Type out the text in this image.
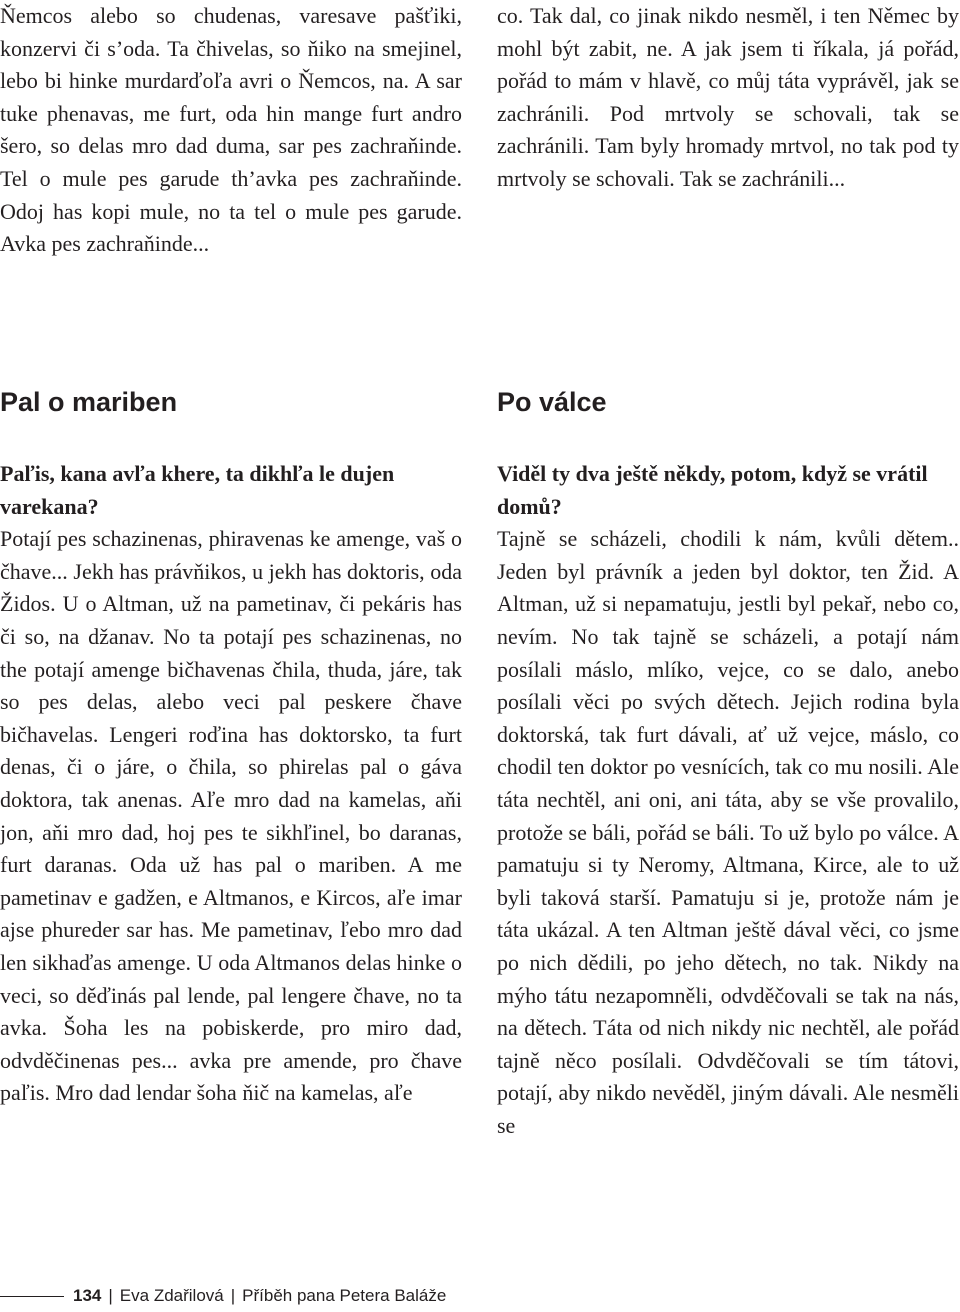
Ňemcos alebo so chudenas, varesave pašťiki, konzervi či s’oda. Ta čhivelas, so ňiko na smejinel, lebo bi hinke murdarďoľa avri o Ňemcos, na. A sar tuke phenavas, me furt, oda hin mange furt andro šero, so delas mro dad duma, sar pes zachraňinde. Tel o mule pes garude th’avka pes zachraňinde. Odoj has kopi mule, no ta tel o mule pes garude. Avka pes zachraňinde...

Pal o mariben

Paľis, kana avľa khere, ta dikhľa le dujen varekana?

Potají pes schazinenas, phiravenas ke amenge, vaš o čhave... Jekh has právňikos, u jekh has doktoris, oda Židos. U o Altman, už na pametinav, či pekáris has či so, na džanav. No ta potají pes schazinenas, no the potají amenge bičhavenas čhila, thuda, járe, tak so pes delas, alebo veci pal peskere čhave bičhavelas. Lengeri roďina has doktorsko, ta furt denas, či o járe, o čhila, so phirelas pal o gáva doktora, tak anenas. Aľe mro dad na kamelas, aňi jon, aňi mro dad, hoj pes te sikhľinel, bo daranas, furt daranas. Oda už has pal o mariben. A me pametinav e gadžen, e Altmanos, e Kircos, aľe imar ajse phureder sar has. Me pametinav, ľebo mro dad len sikhaďas amenge. U oda Altmanos delas hinke o veci, so děďinás pal lende, pal lengere čhave, no ta avka. Šoha les na pobiskerde, pro miro dad, odvděčinenas pes... avka pre amende, pro čhave paľis. Mro dad lendar šoha ňič na kamelas, aľe

co. Tak dal, co jinak nikdo nesměl, i ten Němec by mohl být zabit, ne. A jak jsem ti říkala, já pořád, pořád to mám v hlavě, co můj táta vyprávěl, jak se zachránili. Pod mrtvoly se schovali, tak se zachránili. Tam byly hromady mrtvol, no tak pod ty mrtvoly se schovali. Tak se zachránili...

Po válce

Viděl ty dva ještě někdy, potom, když se vrátil domů?

Tajně se scházeli, chodili k nám, kvůli dětem.. Jeden byl právník a jeden byl doktor, ten Žid. A Altman, už si nepamatuju, jestli byl pekař, nebo co, nevím. No tak tajně se scházeli, a potají nám posílali máslo, mlíko, vejce, co se dalo, anebo posílali věci po svých dětech. Jejich rodina byla doktorská, tak furt dávali, ať už vejce, máslo, co chodil ten doktor po vesnících, tak co mu nosili. Ale táta nechtěl, ani oni, ani táta, aby se vše provalilo, protože se báli, pořád se báli. To už bylo po válce. A pamatuju si ty Neromy, Altmana, Kirce, ale to už byli taková starší. Pamatuju si je, protože nám je táta ukázal. A ten Altman ještě dával věci, co jsme po nich dědili, po jeho dětech, no tak. Nikdy na mýho tátu nezapomněli, odvděčovali se tak na nás, na dětech. Táta od nich nikdy nic nechtěl, ale pořád tajně něco posílali. Odvděčovali se tím tátovi, potají, aby nikdo nevěděl, jiným dávali. Ale nesměli se

134 | Eva Zdařilová | Příběh pana Petera Baláže
